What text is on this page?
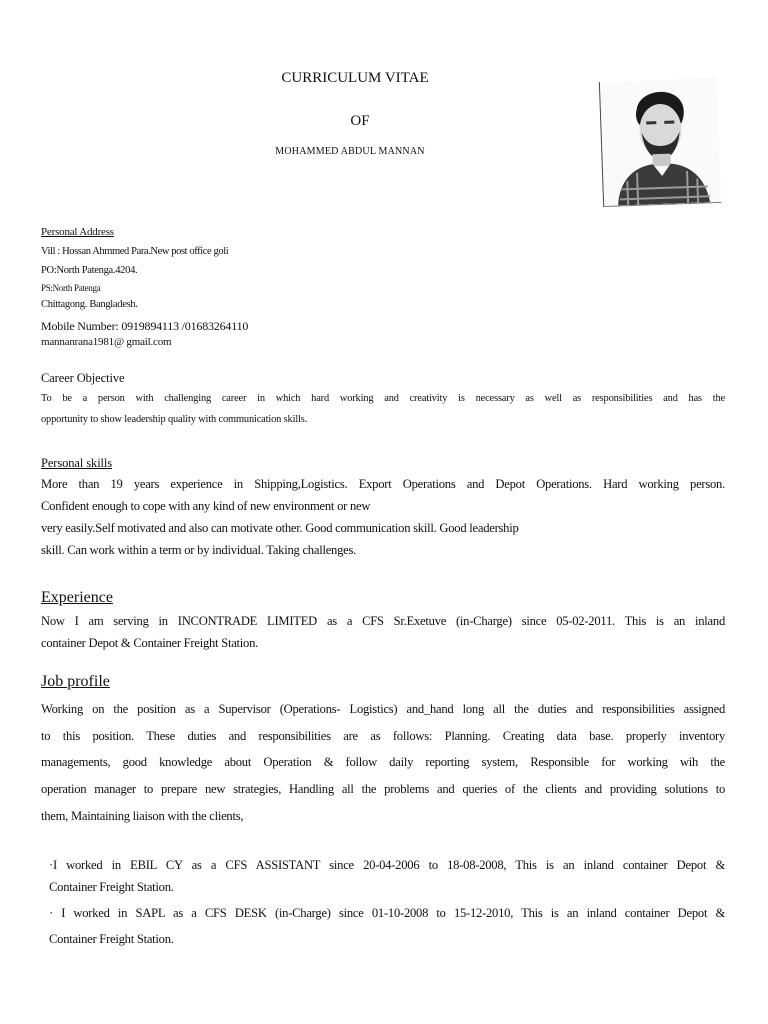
CURRICULUM VITAE
OF
MOHAMMED ABDUL MANNAN
Personal Address
Vill : Hossan Ahmmed Para.New post office goli
PO:North Patenga.4204.
PS:North Patenga
Chittagong. Bangladesh.
Mobile Number: 0919894113 /01683264110
mannanrana1981@ gmail.com
Career Objective
To be a person with challenging career in which hard working and creativity is necessary as well as responsibilities and has the
opportunity to show leadership quality with communication skills.
Personal skills
More than 19 years experience in Shipping,Logistics. Export Operations and Depot Operations. Hard working person.
Confident enough to cope with any kind of new environment or new
very easily.Self motivated and also can motivate other. Good communication skill. Good leadership
skill. Can work within a term or by individual. Taking challenges.
Experience
Now I am serving in INCONTRADE LIMITED as a CFS Sr.Exetuve (in-Charge) since 05-02-2011. This is an inland
container Depot & Container Freight Station.
Job profile
Working on the position as a Supervisor (Operations- Logistics) and_hand long all the duties and responsibilities assigned
to this position. These duties and responsibilities are as follows: Planning. Creating data base. properly inventory
managements, good knowledge about Operation & follow daily reporting system, Responsible for working wih the
operation manager to prepare new strategies, Handling all the problems and queries of the clients and providing solutions to
them, Maintaining liaison with the clients,
·I worked in EBIL CY as a CFS ASSISTANT since 20-04-2006 to 18-08-2008, This is an inland container Depot &
Container Freight Station.
· I worked in SAPL as a CFS DESK (in-Charge) since 01-10-2008 to 15-12-2010, This is an inland container Depot &
Container Freight Station.
